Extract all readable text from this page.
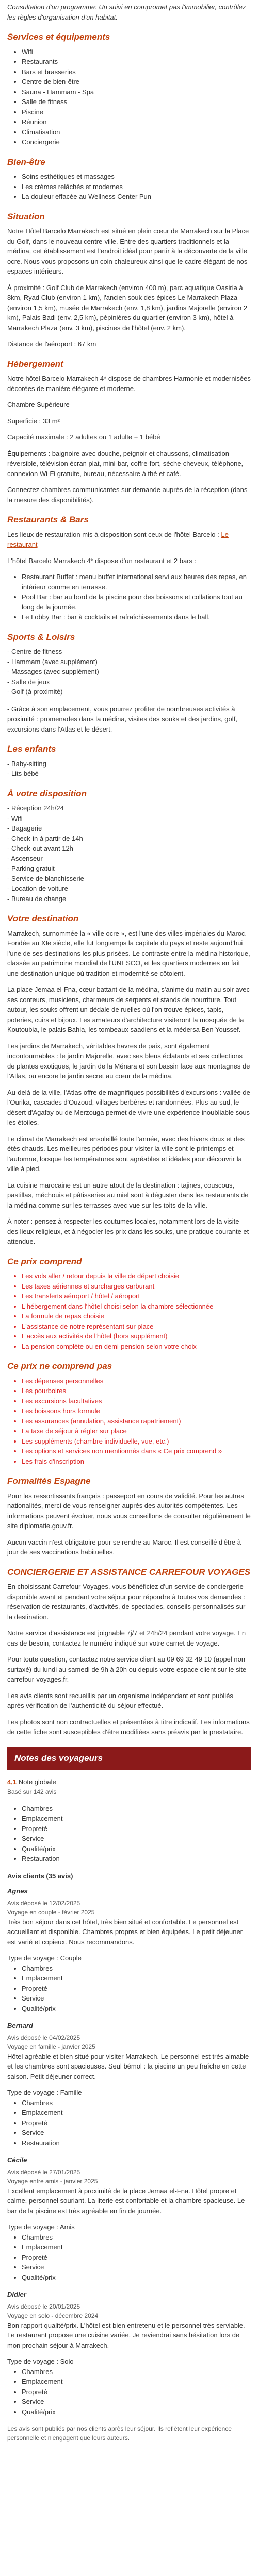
Consultation d'un programme: Un suivi en compromet pas l'immobilier, contrôlez les règles d'organisation d'un habitat.

Services et équipements
• Wifi
• Restaurants
• Bars et brasseries
• Centre de bien-être
• Sauna - Hammam - Spa
• Salle de fitness
• Piscine
• Réunion
• Climatisation
• Conciergerie
Bien-être
• Soins esthétiques et massages
• Les crèmes relâchés et modernes
• La douleur effacée au Wellness Center Pun
Situation

Notre Hôtel Barcelo Marrakech est situé en plein cœur de Marrakech sur la Place du Golf, dans le nouveau centre-ville. Entre des quartiers traditionnels et la médina, cet établissement est l'endroit idéal pour partir à la découverte de la ville ocre. Nous vous proposons un coin chaleureux ainsi que le cadre élégant de nos espaces intérieurs.

À proximité : Golf Club de Marrakech (environ 400 m), parc aquatique Oasiria à 8km, Ryad Club (environ 1 km), l'ancien souk des épices Le Marrakech Plaza (environ 1,5 km), musée de Marrakech (env. 1,8 km), jardins Majorelle (environ 2 km), Palais Badi (env. 2,5 km), pépinières du quartier (environ 3 km), hôtel à Marrakech Plaza (env. 3 km), piscines de l'hôtel (env. 2 km).

Distance de l'aéroport : 67 km

Hébergement

Notre hôtel Barcelo Marrakech 4* dispose de chambres Harmonie et modernisées décorées de manière élégante et moderne.

Chambre Supérieure

Superficie : 33 m²

Capacité maximale : 2 adultes ou 1 adulte + 1 bébé

Équipements : baignoire avec douche, peignoir et chaussons, climatisation réversible, télévision écran plat, mini-bar, coffre-fort, sèche-cheveux, téléphone, connexion Wi-Fi gratuite, bureau, nécessaire à thé et café.

Connectez chambres communicantes sur demande auprès de la réception (dans la mesure des disponibilités).

Restaurants & Bars

Les lieux de restauration mis à disposition sont ceux de l'hôtel Barcelo : Le restaurant

L'hôtel Barcelo Marrakech 4* dispose d'un restaurant et 2 bars :

• Restaurant Buffet : menu buffet international servi aux heures des repas, en intérieur comme en terrasse.
• Pool Bar : bar au bord de la piscine pour des boissons et collations tout au long de la journée.
• Le Lobby Bar : bar à cocktails et rafraîchissements dans le hall.
Sports & Loisirs
- Centre de fitness
- Hammam (avec supplément)
- Massages (avec supplément)
- Salle de jeux
- Golf (à proximité)

- Grâce à son emplacement, vous pourrez profiter de nombreuses activités à proximité : promenades dans la médina, visites des souks et des jardins, golf, excursions dans l'Atlas et le désert.

Les enfants
- Baby-sitting
- Lits bébé
À votre disposition
- Réception 24h/24
- Wifi
- Bagagerie
- Check-in à partir de 14h
- Check-out avant 12h
- Ascenseur
- Parking gratuit
- Service de blanchisserie
- Location de voiture
- Bureau de change
Votre destination

Marrakech, surnommée la « ville ocre », est l'une des villes impériales du Maroc. Fondée au XIe siècle, elle fut longtemps la capitale du pays et reste aujourd'hui l'une de ses destinations les plus prisées. Le contraste entre la médina historique, classée au patrimoine mondial de l'UNESCO, et les quartiers modernes en fait une destination unique où tradition et modernité se côtoient.

La place Jemaa el-Fna, cœur battant de la médina, s'anime du matin au soir avec ses conteurs, musiciens, charmeurs de serpents et stands de nourriture. Tout autour, les souks offrent un dédale de ruelles où l'on trouve épices, tapis, poteries, cuirs et bijoux. Les amateurs d'architecture visiteront la mosquée de la Koutoubia, le palais Bahia, les tombeaux saadiens et la médersa Ben Youssef.

Les jardins de Marrakech, véritables havres de paix, sont également incontournables : le jardin Majorelle, avec ses bleus éclatants et ses collections de plantes exotiques, le jardin de la Ménara et son bassin face aux montagnes de l'Atlas, ou encore le jardin secret au cœur de la médina.

Au-delà de la ville, l'Atlas offre de magnifiques possibilités d'excursions : vallée de l'Ourika, cascades d'Ouzoud, villages berbères et randonnées. Plus au sud, le désert d'Agafay ou de Merzouga permet de vivre une expérience inoubliable sous les étoiles.

Le climat de Marrakech est ensoleillé toute l'année, avec des hivers doux et des étés chauds. Les meilleures périodes pour visiter la ville sont le printemps et l'automne, lorsque les températures sont agréables et idéales pour découvrir la ville à pied.

La cuisine marocaine est un autre atout de la destination : tajines, couscous, pastillas, méchouis et pâtisseries au miel sont à déguster dans les restaurants de la médina comme sur les terrasses avec vue sur les toits de la ville.

À noter : pensez à respecter les coutumes locales, notamment lors de la visite des lieux religieux, et à négocier les prix dans les souks, une pratique courante et attendue.

Ce prix comprend
• Les vols aller / retour depuis la ville de départ choisie
• Les taxes aériennes et surcharges carburant
• Les transferts aéroport / hôtel / aéroport
• L'hébergement dans l'hôtel choisi selon la chambre sélectionnée
• La formule de repas choisie
• L'assistance de notre représentant sur place
• L'accès aux activités de l'hôtel (hors supplément)
• La pension complète ou en demi-pension selon votre choix
Ce prix ne comprend pas
• Les dépenses personnelles
• Les pourboires
• Les excursions facultatives
• Les boissons hors formule
• Les assurances (annulation, assistance rapatriement)
• La taxe de séjour à régler sur place
• Les suppléments (chambre individuelle, vue, etc.)
• Les options et services non mentionnés dans « Ce prix comprend »
• Les frais d'inscription
Formalités Espagne

Pour les ressortissants français : passeport en cours de validité. Pour les autres nationalités, merci de vous renseigner auprès des autorités compétentes. Les informations peuvent évoluer, nous vous conseillons de consulter régulièrement le site diplomatie.gouv.fr.

Aucun vaccin n'est obligatoire pour se rendre au Maroc. Il est conseillé d'être à jour de ses vaccinations habituelles.

CONCIERGERIE ET ASSISTANCE CARREFOUR VOYAGES

En choisissant Carrefour Voyages, vous bénéficiez d'un service de conciergerie disponible avant et pendant votre séjour pour répondre à toutes vos demandes : réservation de restaurants, d'activités, de spectacles, conseils personnalisés sur la destination.

Notre service d'assistance est joignable 7j/7 et 24h/24 pendant votre voyage. En cas de besoin, contactez le numéro indiqué sur votre carnet de voyage.

Pour toute question, contactez notre service client au 09 69 32 49 10 (appel non surtaxé) du lundi au samedi de 9h à 20h ou depuis votre espace client sur le site carrefour-voyages.fr.

Les avis clients sont recueillis par un organisme indépendant et sont publiés après vérification de l'authenticité du séjour effectué.

Les photos sont non contractuelles et présentées à titre indicatif. Les informations de cette fiche sont susceptibles d'être modifiées sans préavis par le prestataire.

Notes des voyageurs
4,1 Note globale
Basé sur 142 avis
• Chambres
• Emplacement
• Propreté
• Service
• Qualité/prix
• Restauration
Avis clients (35 avis)
Agnes
Avis déposé le 12/02/2025
Voyage en couple - février 2025

Très bon séjour dans cet hôtel, très bien situé et confortable. Le personnel est accueillant et disponible. Chambres propres et bien équipées. Le petit déjeuner est varié et copieux. Nous recommandons.

Type de voyage : Couple
• Chambres
• Emplacement
• Propreté
• Service
• Qualité/prix
Bernard
Avis déposé le 04/02/2025
Voyage en famille - janvier 2025

Hôtel agréable et bien situé pour visiter Marrakech. Le personnel est très aimable et les chambres sont spacieuses. Seul bémol : la piscine un peu fraîche en cette saison. Petit déjeuner correct.

Type de voyage : Famille
• Chambres
• Emplacement
• Propreté
• Service
• Restauration
Cécile
Avis déposé le 27/01/2025
Voyage entre amis - janvier 2025

Excellent emplacement à proximité de la place Jemaa el-Fna. Hôtel propre et calme, personnel souriant. La literie est confortable et la chambre spacieuse. Le bar de la piscine est très agréable en fin de journée.

Type de voyage : Amis
• Chambres
• Emplacement
• Propreté
• Service
• Qualité/prix
Didier
Avis déposé le 20/01/2025
Voyage en solo - décembre 2024

Bon rapport qualité/prix. L'hôtel est bien entretenu et le personnel très serviable. Le restaurant propose une cuisine variée. Je reviendrai sans hésitation lors de mon prochain séjour à Marrakech.

Type de voyage : Solo
• Chambres
• Emplacement
• Propreté
• Service
• Qualité/prix

Les avis sont publiés par nos clients après leur séjour. Ils reflètent leur expérience personnelle et n'engagent que leurs auteurs.
